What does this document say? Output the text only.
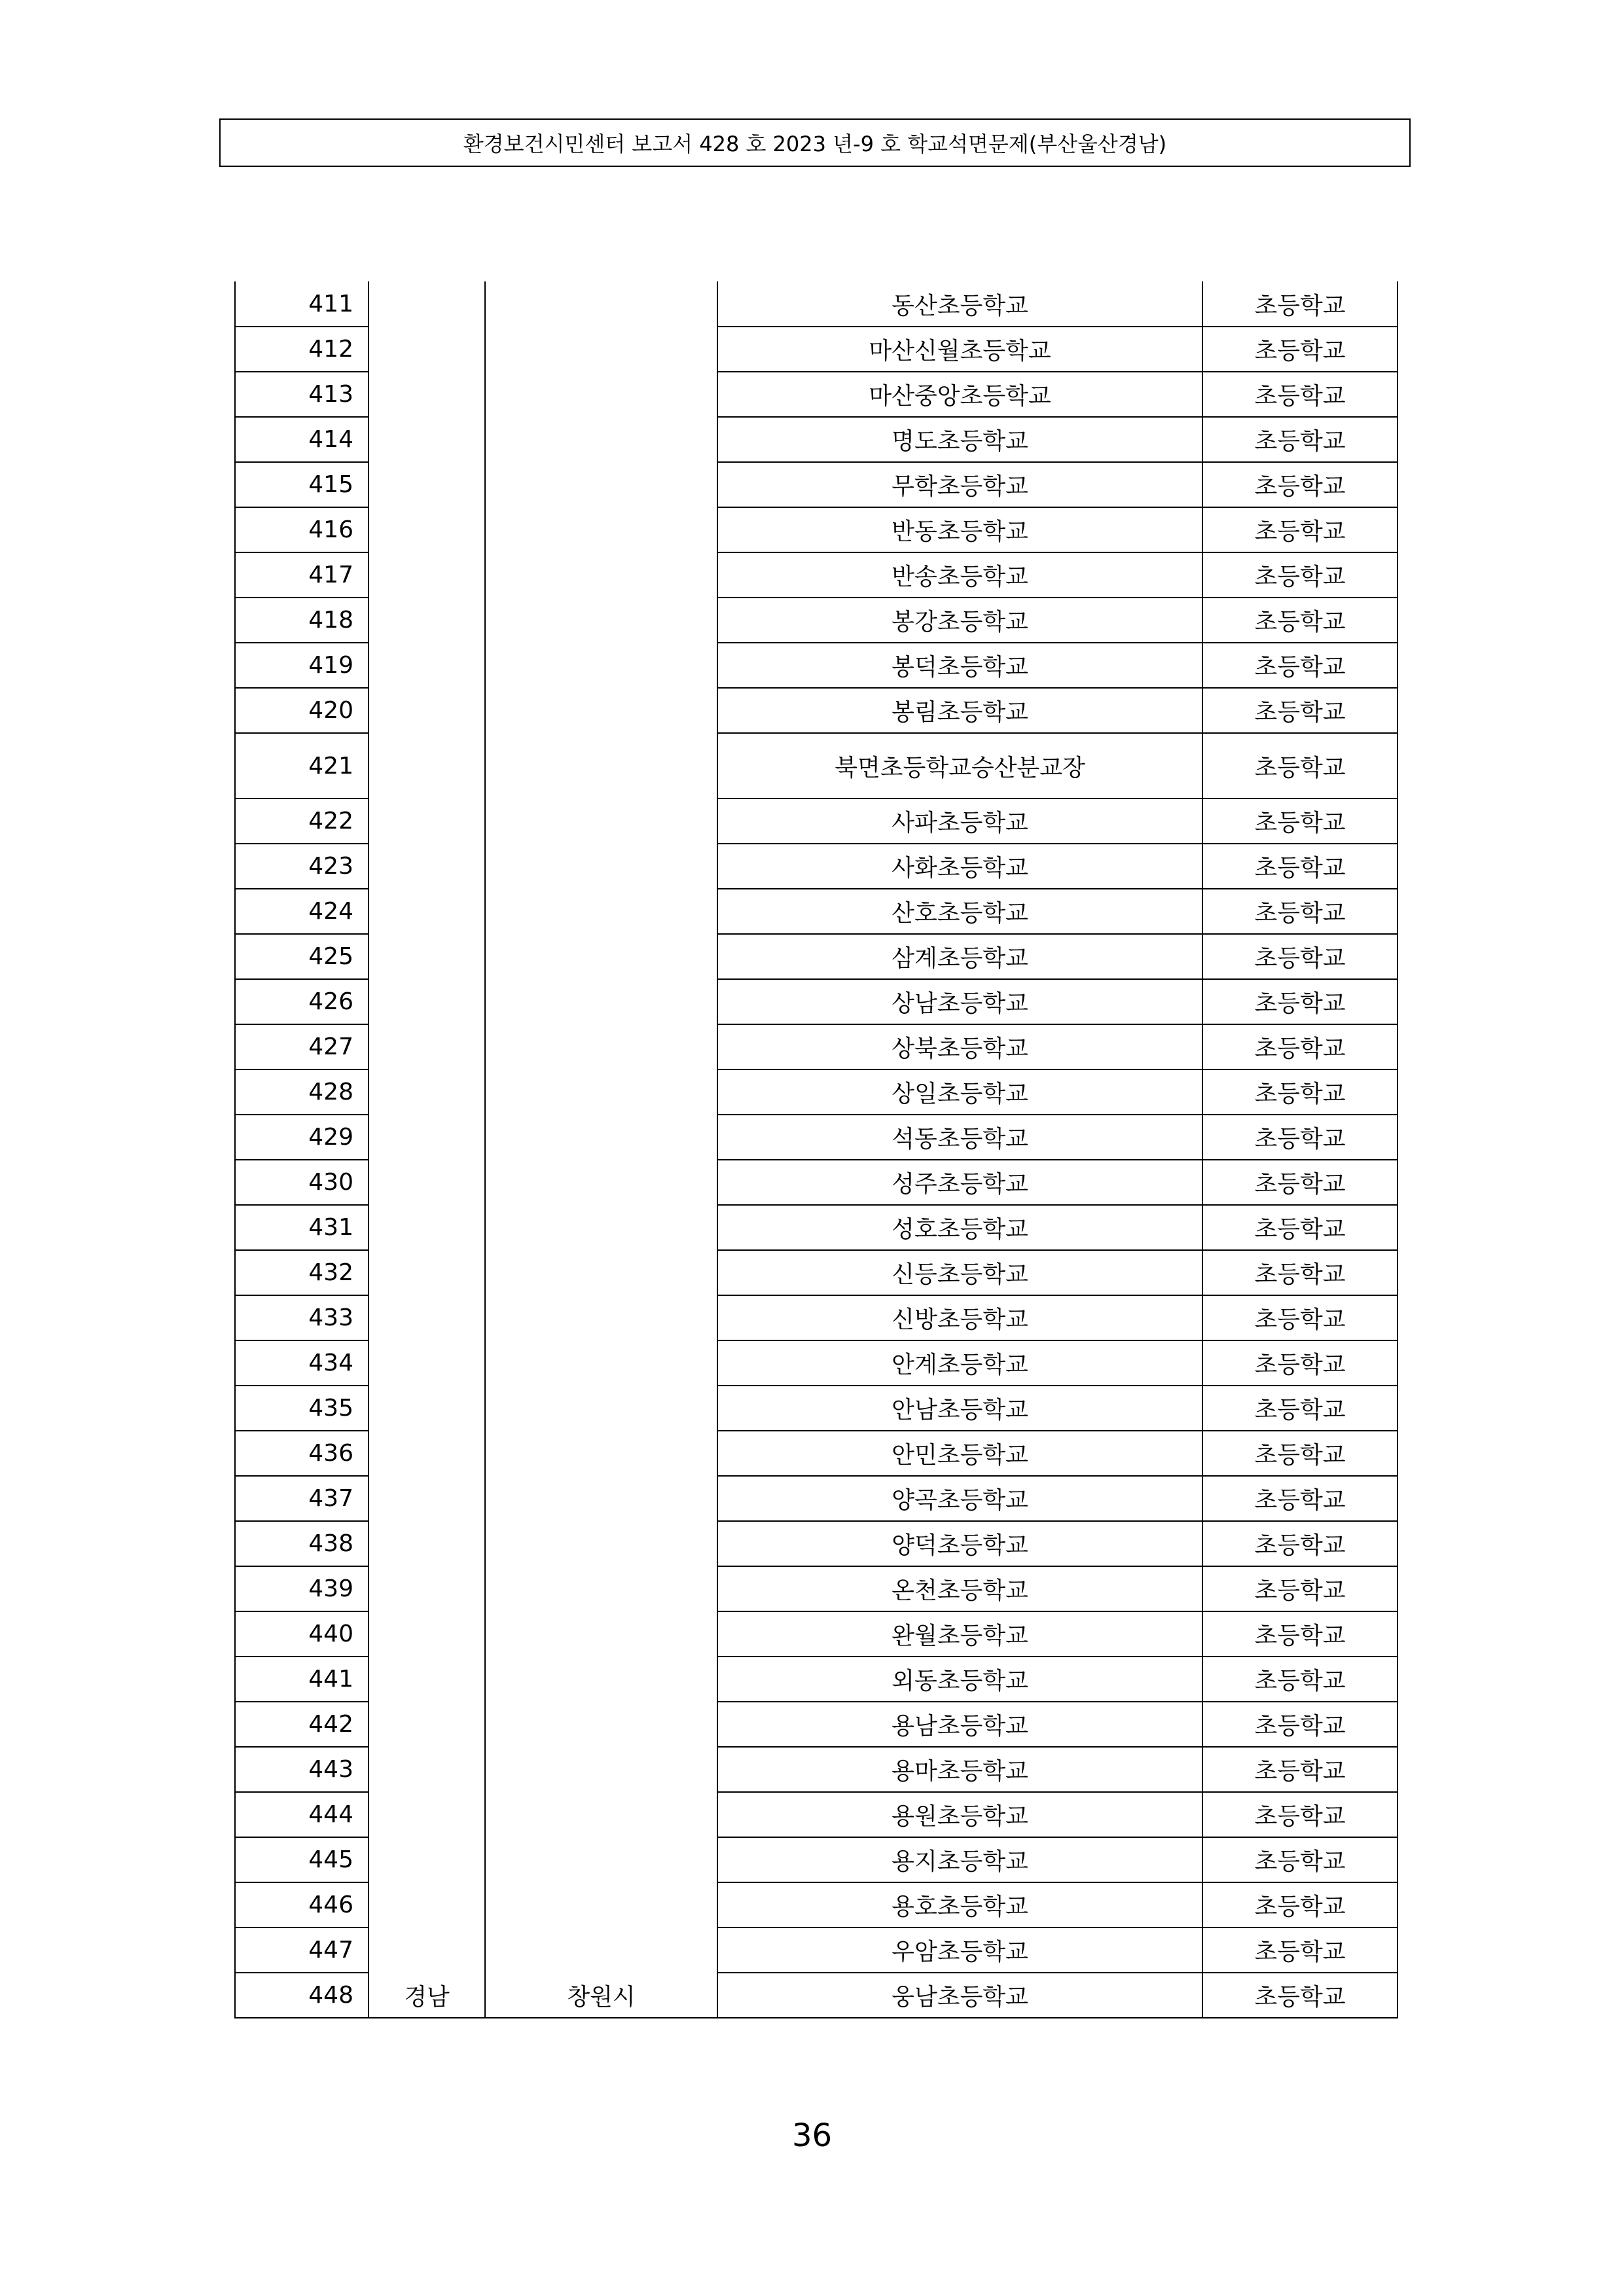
환경보건시민센터 보고서 428 호 2023 년-9 호 학교석면문제(부산울산경남)
411			동산초등학교	초등학교
412			마산신월초등학교	초등학교
413			마산중앙초등학교	초등학교
414			명도초등학교	초등학교
415			무학초등학교	초등학교
416			반동초등학교	초등학교
417			반송초등학교	초등학교
418			봉강초등학교	초등학교
419			봉덕초등학교	초등학교
420			봉림초등학교	초등학교
421			북면초등학교승산분교장	초등학교
422			사파초등학교	초등학교
423			사화초등학교	초등학교
424			산호초등학교	초등학교
425			삼계초등학교	초등학교
426			상남초등학교	초등학교
427			상북초등학교	초등학교
428			상일초등학교	초등학교
429			석동초등학교	초등학교
430			성주초등학교	초등학교
431			성호초등학교	초등학교
432			신등초등학교	초등학교
433			신방초등학교	초등학교
434			안계초등학교	초등학교
435			안남초등학교	초등학교
436			안민초등학교	초등학교
437			양곡초등학교	초등학교
438			양덕초등학교	초등학교
439			온천초등학교	초등학교
440			완월초등학교	초등학교
441			외동초등학교	초등학교
442			용남초등학교	초등학교
443			용마초등학교	초등학교
444			용원초등학교	초등학교
445			용지초등학교	초등학교
446			용호초등학교	초등학교
447			우암초등학교	초등학교
448	경남	창원시	웅남초등학교	초등학교
36
